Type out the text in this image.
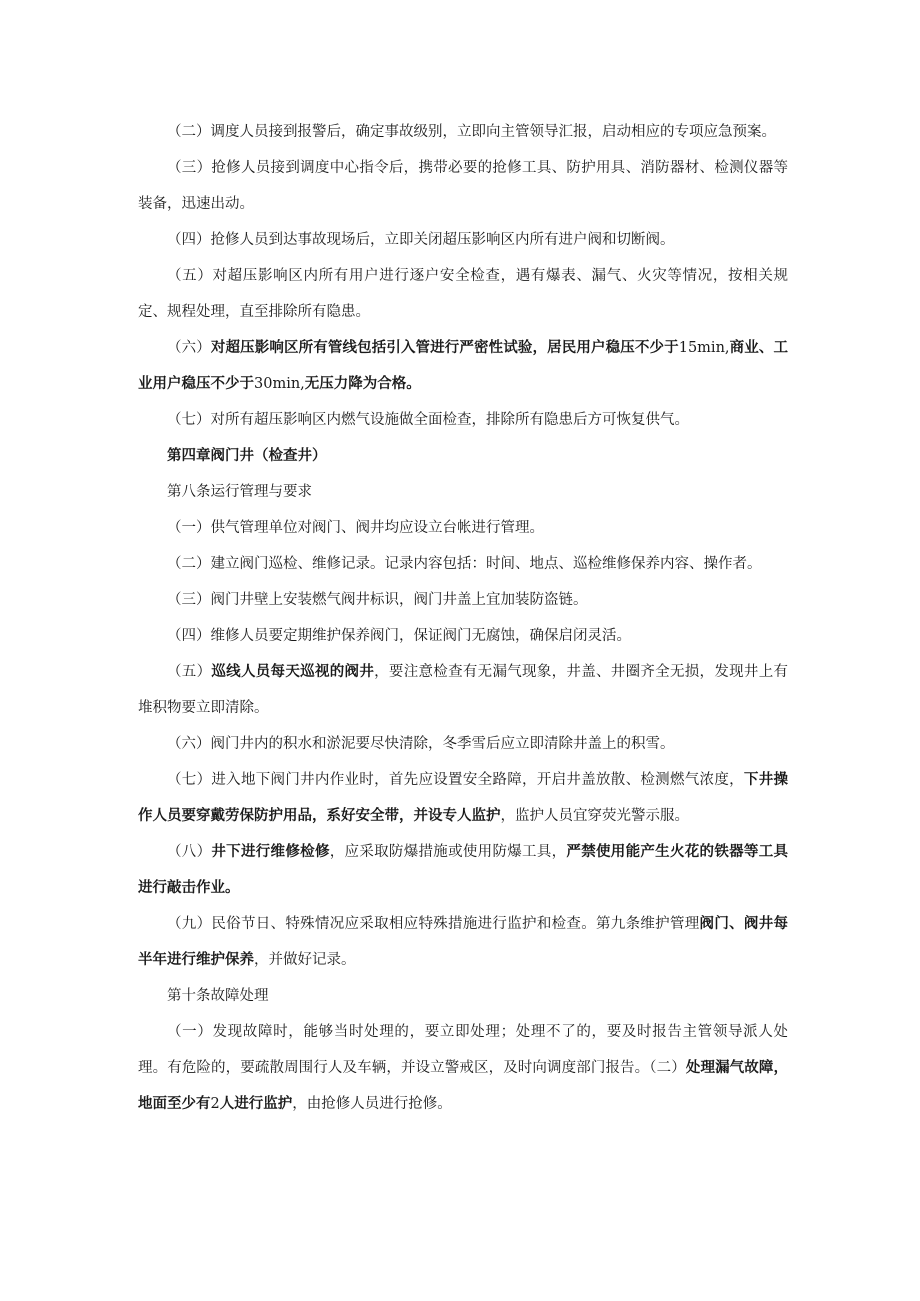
（二）调度人员接到报警后，确定事故级别，立即向主管领导汇报，启动相应的专项应急预案。

（三）抢修人员接到调度中心指令后，携带必要的抢修工具、防护用具、消防器材、检测仪器等装备，迅速出动。

（四）抢修人员到达事故现场后，立即关闭超压影响区内所有进户阀和切断阀。

（五）对超压影响区内所有用户进行逐户安全检查，遇有爆表、漏气、火灾等情况，按相关规定、规程处理，直至排除所有隐患。

（六）对超压影响区所有管线包括引入管进行严密性试验，居民用户稳压不少于15min,商业、工业用户稳压不少于30min,无压力降为合格。

（七）对所有超压影响区内燃气设施做全面检查，排除所有隐患后方可恢复供气。

第四章阀门井（检查井）

第八条运行管理与要求

（一）供气管理单位对阀门、阀井均应设立台帐进行管理。

（二）建立阀门巡检、维修记录。记录内容包括：时间、地点、巡检维修保养内容、操作者。

（三）阀门井壁上安装燃气阀井标识，阀门井盖上宜加装防盗链。

（四）维修人员要定期维护保养阀门，保证阀门无腐蚀，确保启闭灵活。

（五）巡线人员每天巡视的阀井，要注意检查有无漏气现象，井盖、井圈齐全无损，发现井上有堆积物要立即清除。

（六）阀门井内的积水和淤泥要尽快清除，冬季雪后应立即清除井盖上的积雪。

（七）进入地下阀门井内作业时，首先应设置安全路障，开启井盖放散、检测燃气浓度，下井操作人员要穿戴劳保防护用品，系好安全带，并设专人监护，监护人员宜穿荧光警示服。

（八）井下进行维修检修，应采取防爆措施或使用防爆工具，严禁使用能产生火花的铁器等工具进行敲击作业。

（九）民俗节日、特殊情况应采取相应特殊措施进行监护和检查。第九条维护管理阀门、阀井每半年进行维护保养，并做好记录。

第十条故障处理

（一）发现故障时，能够当时处理的，要立即处理；处理不了的，要及时报告主管领导派人处理。有危险的，要疏散周围行人及车辆，并设立警戒区，及时向调度部门报告。（二）处理漏气故障，地面至少有2人进行监护，由抢修人员进行抢修。
